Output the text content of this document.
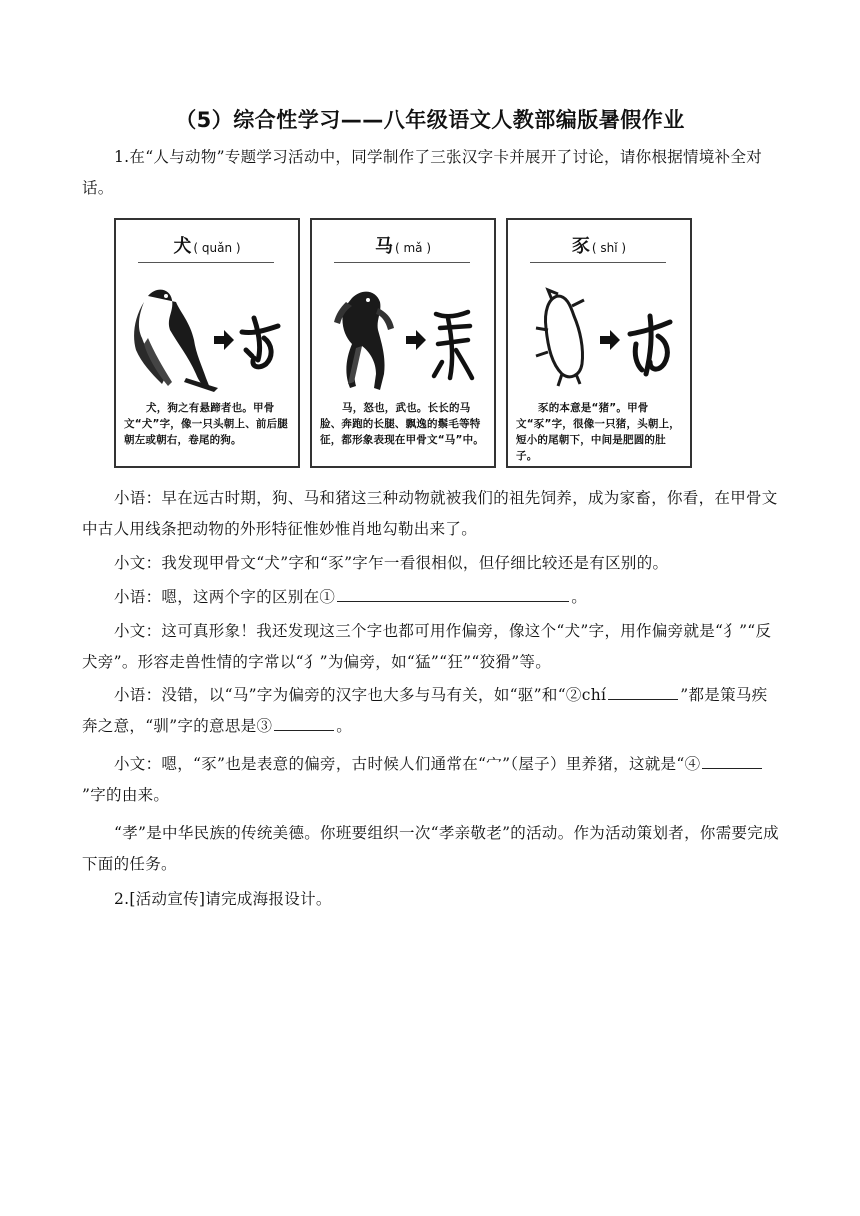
（5）综合性学习——八年级语文人教部编版暑假作业

1.在“人与动物”专题学习活动中，同学制作了三张汉字卡并展开了讨论，请你根据情境补全对话。

犬 ( quǎn )
犬，狗之有悬蹄者也。甲骨文“犬”字，像一只头朝上、前后腿朝左或朝右，卷尾的狗。
马 ( mǎ )
马，怒也，武也。长长的马脸、奔跑的长腿、飘逸的鬃毛等特征，都形象表现在甲骨文“马”中。
豕 ( shǐ )
豕的本意是“猪”。甲骨文“豕”字，很像一只猪，头朝上，短小的尾朝下，中间是肥圆的肚子。

小语：早在远古时期，狗、马和猪这三种动物就被我们的祖先饲养，成为家畜，你看，在甲骨文中古人用线条把动物的外形特征惟妙惟肖地勾勒出来了。

小文：我发现甲骨文“犬”字和“豕”字乍一看很相似，但仔细比较还是有区别的。

小语：嗯，这两个字的区别在①	。

小文：这可真形象！我还发现这三个字也都可用作偏旁，像这个“犬”字，用作偏旁就是“犭”“反犬旁”。形容走兽性情的字常以“犭”为偏旁，如“猛”“狂”“狡猾”等。

小语：没错，以“马”字为偏旁的汉字也大多与马有关，如“驱”和“②chí	”都是策马疾奔之意，“驯”字的意思是③	。

小文：嗯，“豕”也是表意的偏旁，古时候人们通常在“宀”（屋子）里养猪，这就是“④”字的由来。

“孝”是中华民族的传统美德。你班要组织一次“孝亲敬老”的活动。作为活动策划者，你需要完成下面的任务。

2.[活动宣传]请完成海报设计。
